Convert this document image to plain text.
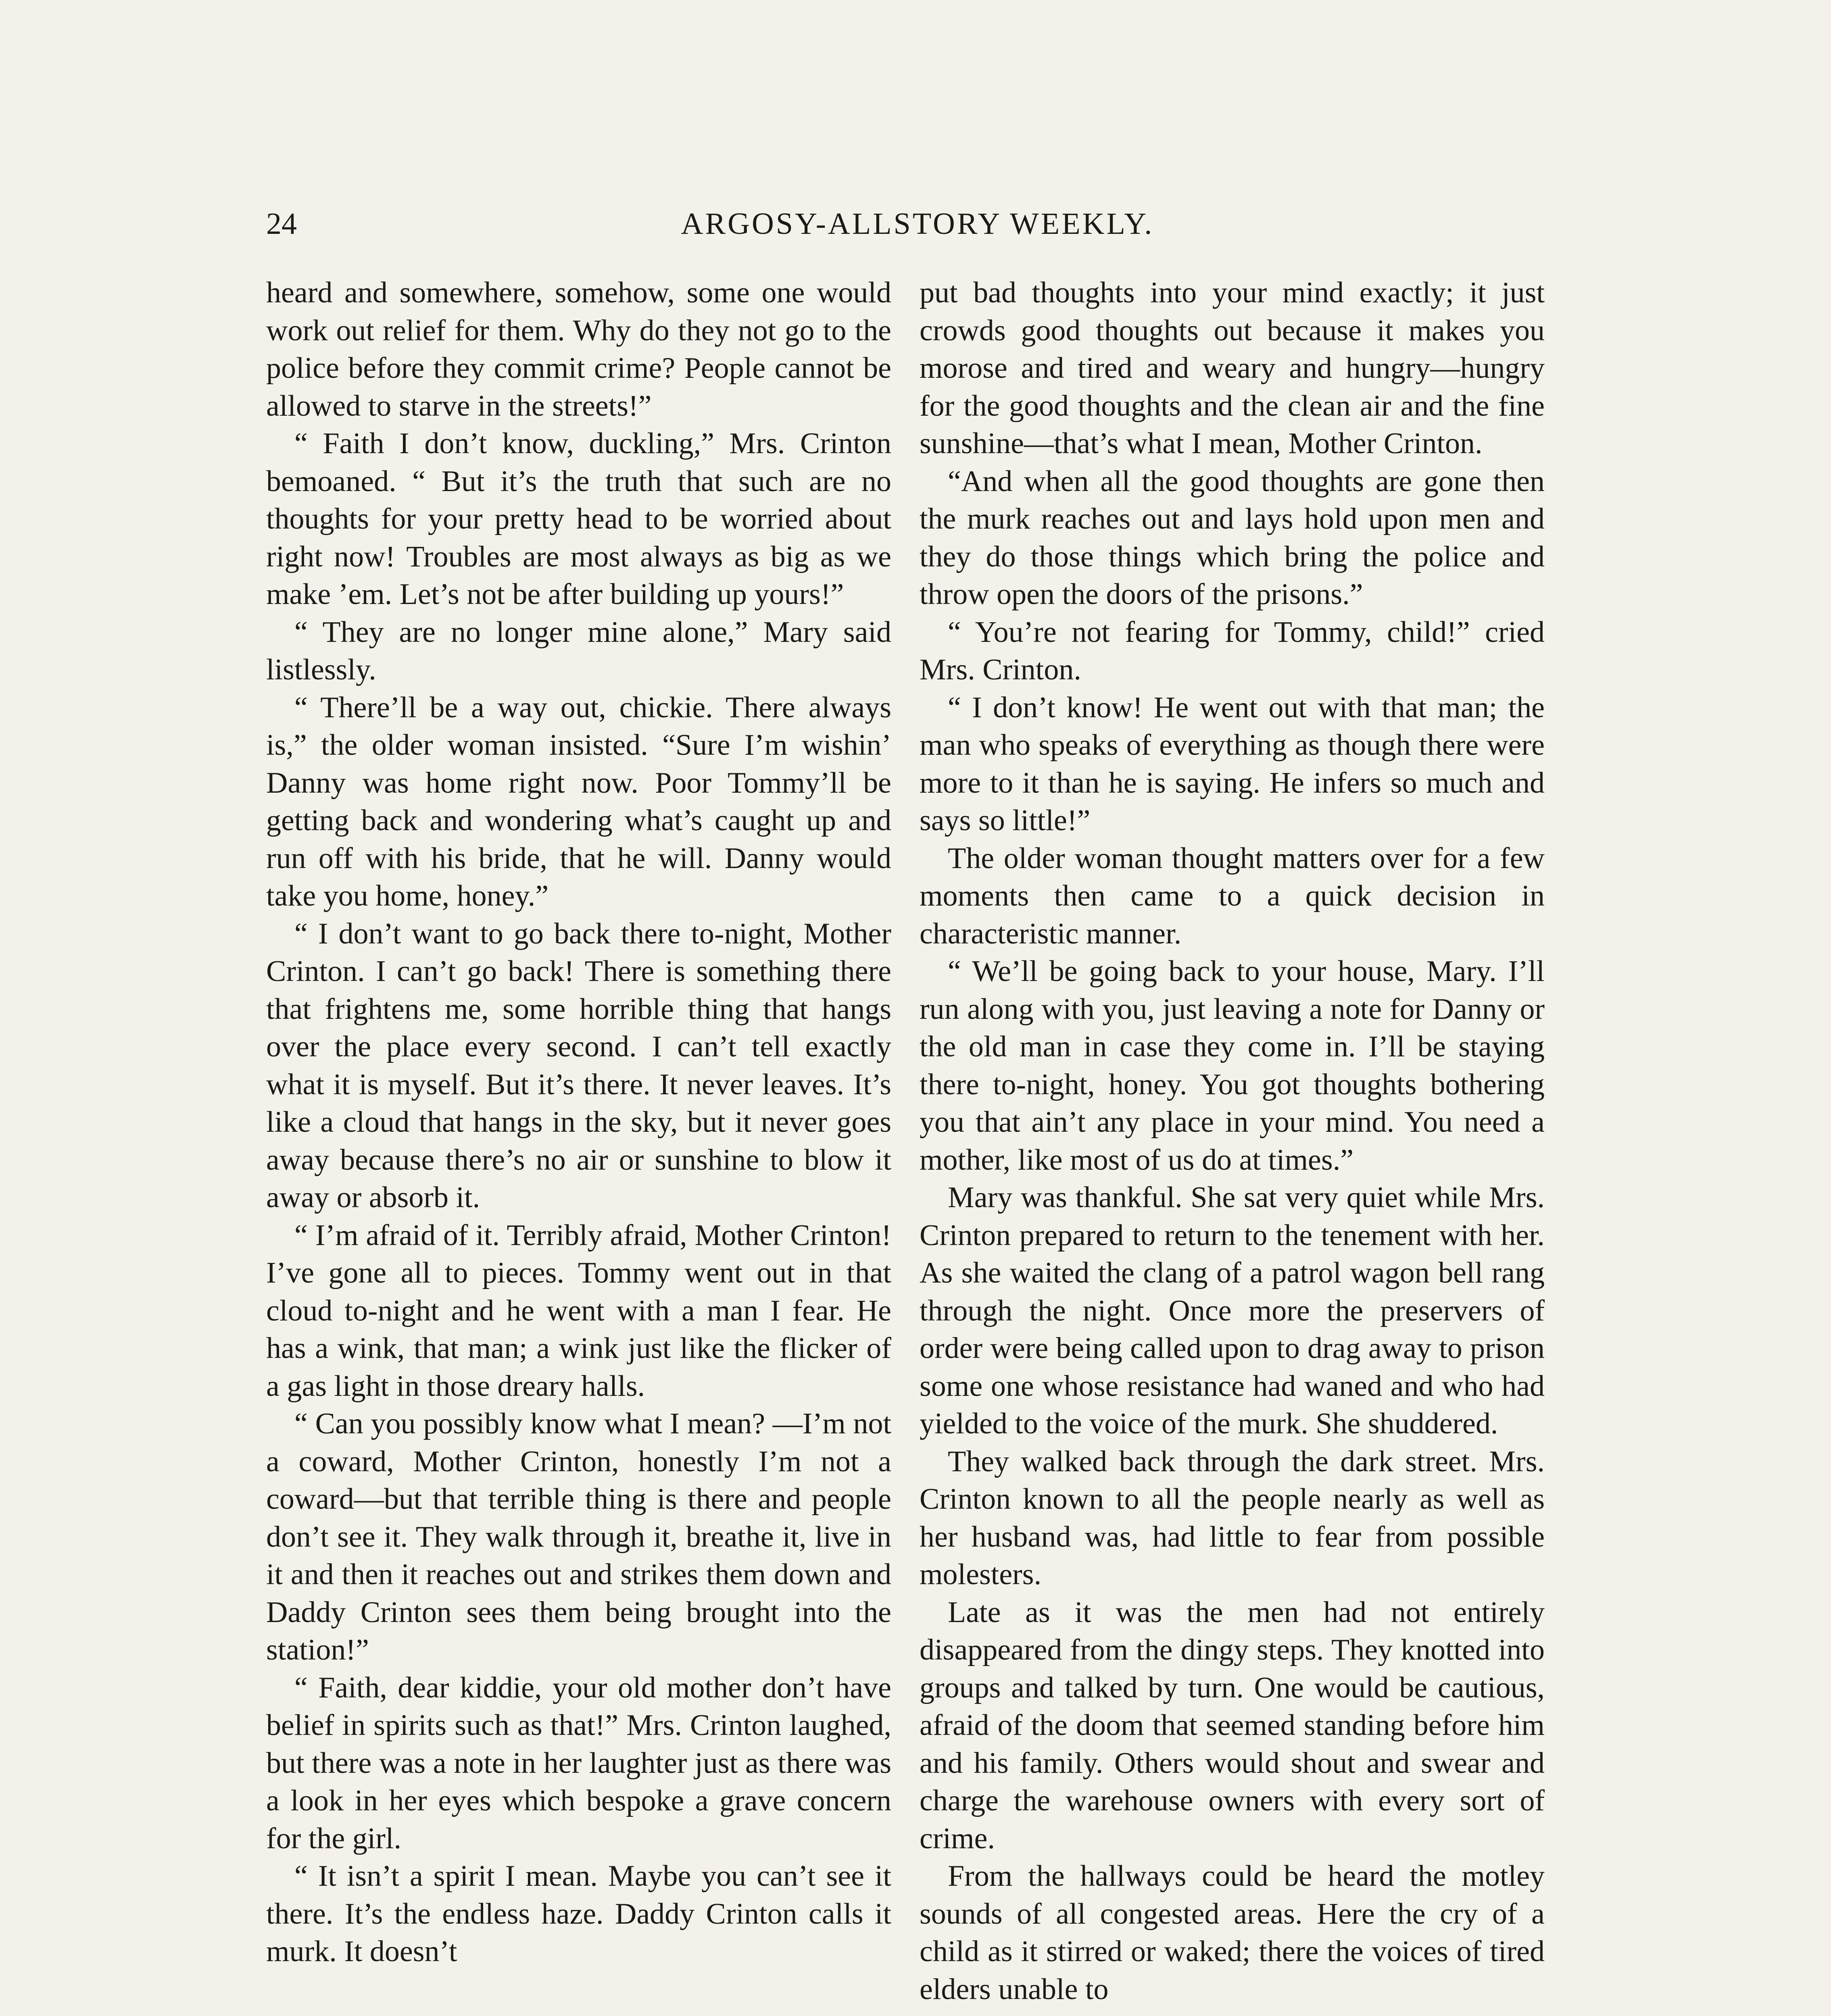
24	ARGOSY-ALLSTORY WEEKLY.

heard and somewhere, somehow, some one would work out relief for them. Why do they not go to the police before they commit crime? People cannot be allowed to starve in the streets!”

“ Faith I don’t know, duckling,” Mrs. Crinton bemoaned. “ But it’s the truth that such are no thoughts for your pretty head to be worried about right now! Troubles are most always as big as we make ’em. Let’s not be after building up yours!”

“ They are no longer mine alone,” Mary said listlessly.

“ There’ll be a way out, chickie. There always is,” the older woman insisted. “Sure I’m wishin’ Danny was home right now. Poor Tommy’ll be getting back and wondering what’s caught up and run off with his bride, that he will. Danny would take you home, honey.”

“ I don’t want to go back there to-night, Mother Crinton. I can’t go back! There is something there that frightens me, some horrible thing that hangs over the place every second. I can’t tell exactly what it is myself. But it’s there. It never leaves. It’s like a cloud that hangs in the sky, but it never goes away because there’s no air or sunshine to blow it away or absorb it.

“ I’m afraid of it. Terribly afraid, Mother Crinton! I’ve gone all to pieces. Tommy went out in that cloud to-night and he went with a man I fear. He has a wink, that man; a wink just like the flicker of a gas light in those dreary halls.

“ Can you possibly know what I mean? —I’m not a coward, Mother Crinton, honestly I’m not a coward—but that terrible thing is there and people don’t see it. They walk through it, breathe it, live in it and then it reaches out and strikes them down and Daddy Crinton sees them being brought into the station!”

“ Faith, dear kiddie, your old mother don’t have belief in spirits such as that!” Mrs. Crinton laughed, but there was a note in her laughter just as there was a look in her eyes which bespoke a grave concern for the girl.

“ It isn’t a spirit I mean. Maybe you can’t see it there. It’s the endless haze. Daddy Crinton calls it murk. It doesn’t

put bad thoughts into your mind exactly; it just crowds good thoughts out because it makes you morose and tired and weary and hungry—hungry for the good thoughts and the clean air and the fine sunshine—that’s what I mean, Mother Crinton.

“And when all the good thoughts are gone then the murk reaches out and lays hold upon men and they do those things which bring the police and throw open the doors of the prisons.”

“ You’re not fearing for Tommy, child!” cried Mrs. Crinton.

“ I don’t know! He went out with that man; the man who speaks of everything as though there were more to it than he is saying. He infers so much and says so little!”

The older woman thought matters over for a few moments then came to a quick decision in characteristic manner.

“ We’ll be going back to your house, Mary. I’ll run along with you, just leaving a note for Danny or the old man in case they come in. I’ll be staying there to-night, honey. You got thoughts bothering you that ain’t any place in your mind. You need a mother, like most of us do at times.”

Mary was thankful. She sat very quiet while Mrs. Crinton prepared to return to the tenement with her. As she waited the clang of a patrol wagon bell rang through the night. Once more the preservers of order were being called upon to drag away to prison some one whose resistance had waned and who had yielded to the voice of the murk. She shuddered.

They walked back through the dark street. Mrs. Crinton known to all the people nearly as well as her husband was, had little to fear from possible molesters.

Late as it was the men had not entirely disappeared from the dingy steps. They knotted into groups and talked by turn. One would be cautious, afraid of the doom that seemed standing before him and his family. Others would shout and swear and charge the warehouse owners with every sort of crime.

From the hallways could be heard the motley sounds of all congested areas. Here the cry of a child as it stirred or waked; there the voices of tired elders unable to
